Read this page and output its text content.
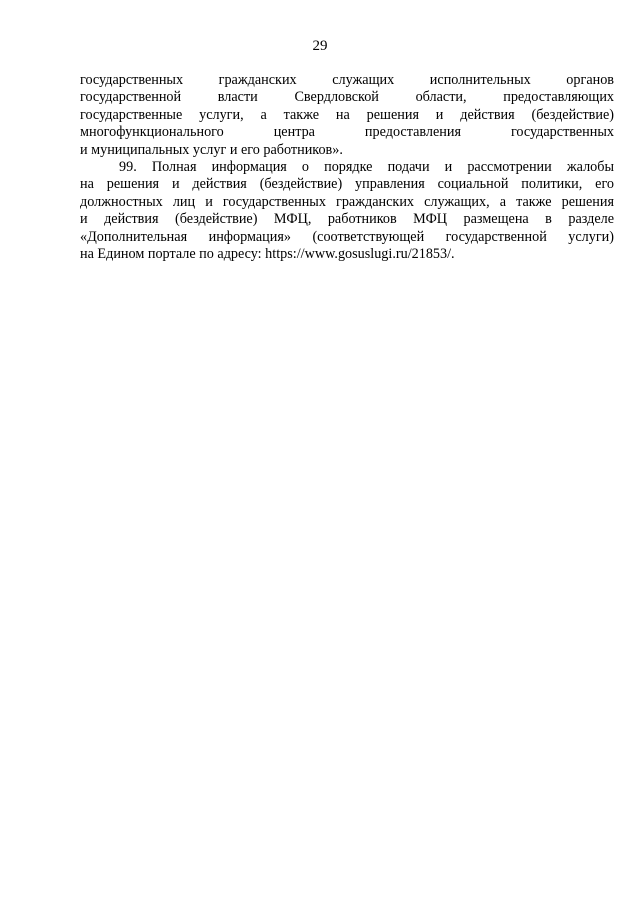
29

государственных гражданских служащих исполнительных органов
государственной власти Свердловской области, предоставляющих
государственные услуги, а также на решения и действия (бездействие)
многофункционального центра предоставления государственных
и муниципальных услуг и его работников».

99. Полная информация о порядке подачи и рассмотрении жалобы
на решения и действия (бездействие) управления социальной политики, его
должностных лиц и государственных гражданских служащих, а также решения
и действия (бездействие) МФЦ, работников МФЦ размещена в разделе
«Дополнительная информация» (соответствующей государственной услуги)
на Едином портале по адресу: https://www.gosuslugi.ru/21853/.
